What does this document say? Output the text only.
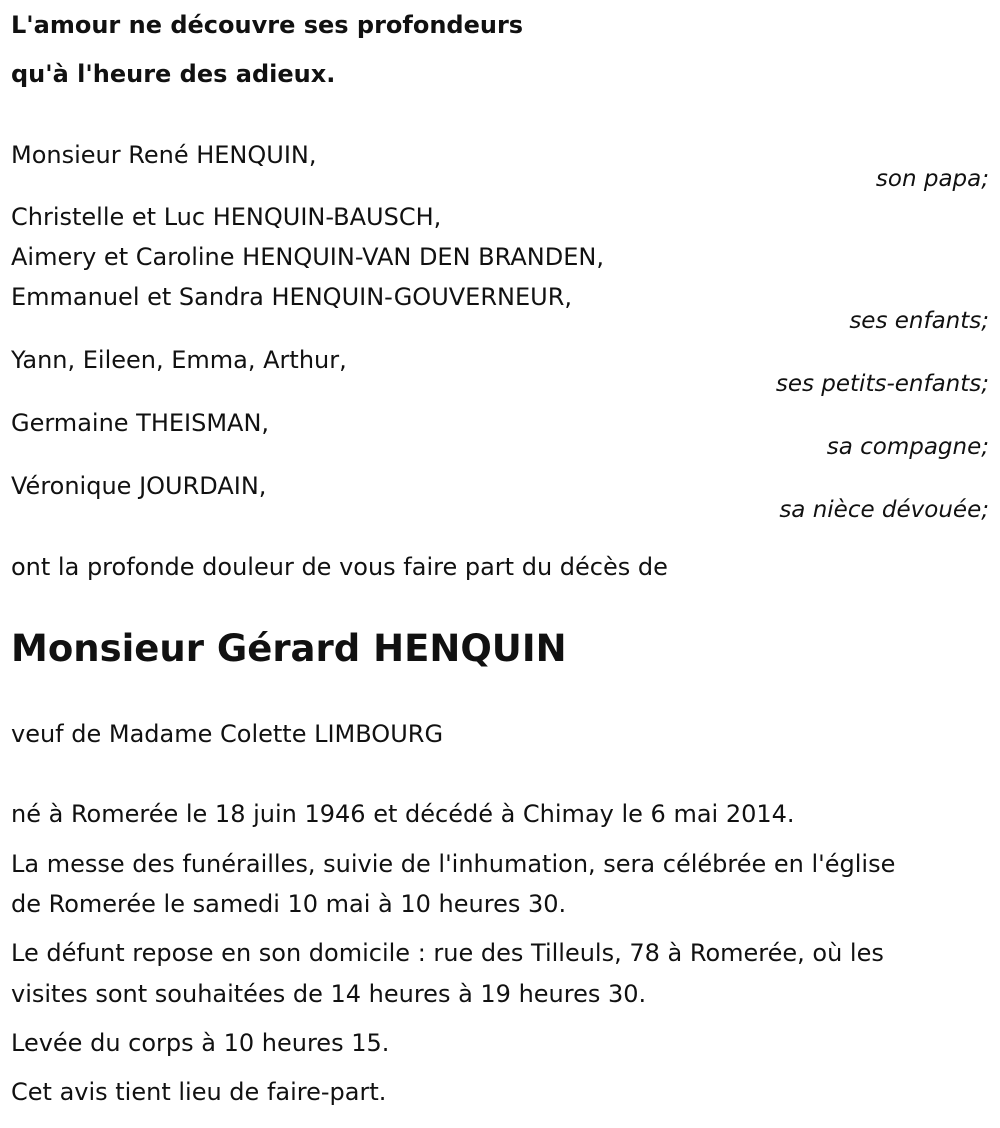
L'amour ne découvre ses profondeurs

qu'à l'heure des adieux.

Monsieur René HENQUIN,

son papa;

Christelle et Luc HENQUIN-BAUSCH,

Aimery et Caroline HENQUIN-VAN DEN BRANDEN,

Emmanuel et Sandra HENQUIN-GOUVERNEUR,

ses enfants;

Yann, Eileen, Emma, Arthur,

ses petits-enfants;

Germaine THEISMAN,

sa compagne;

Véronique JOURDAIN,

sa nièce dévouée;

ont la profonde douleur de vous faire part du décès de

Monsieur Gérard HENQUIN

veuf de Madame Colette LIMBOURG

né à Romerée le 18 juin 1946 et décédé à Chimay le 6 mai 2014.

La messe des funérailles, suivie de l'inhumation, sera célébrée en l'église

de Romerée le samedi 10 mai à 10 heures 30.

Le défunt repose en son domicile : rue des Tilleuls, 78 à Romerée, où les

visites sont souhaitées de 14 heures à 19 heures 30.

Levée du corps à 10 heures 15.

Cet avis tient lieu de faire-part.
